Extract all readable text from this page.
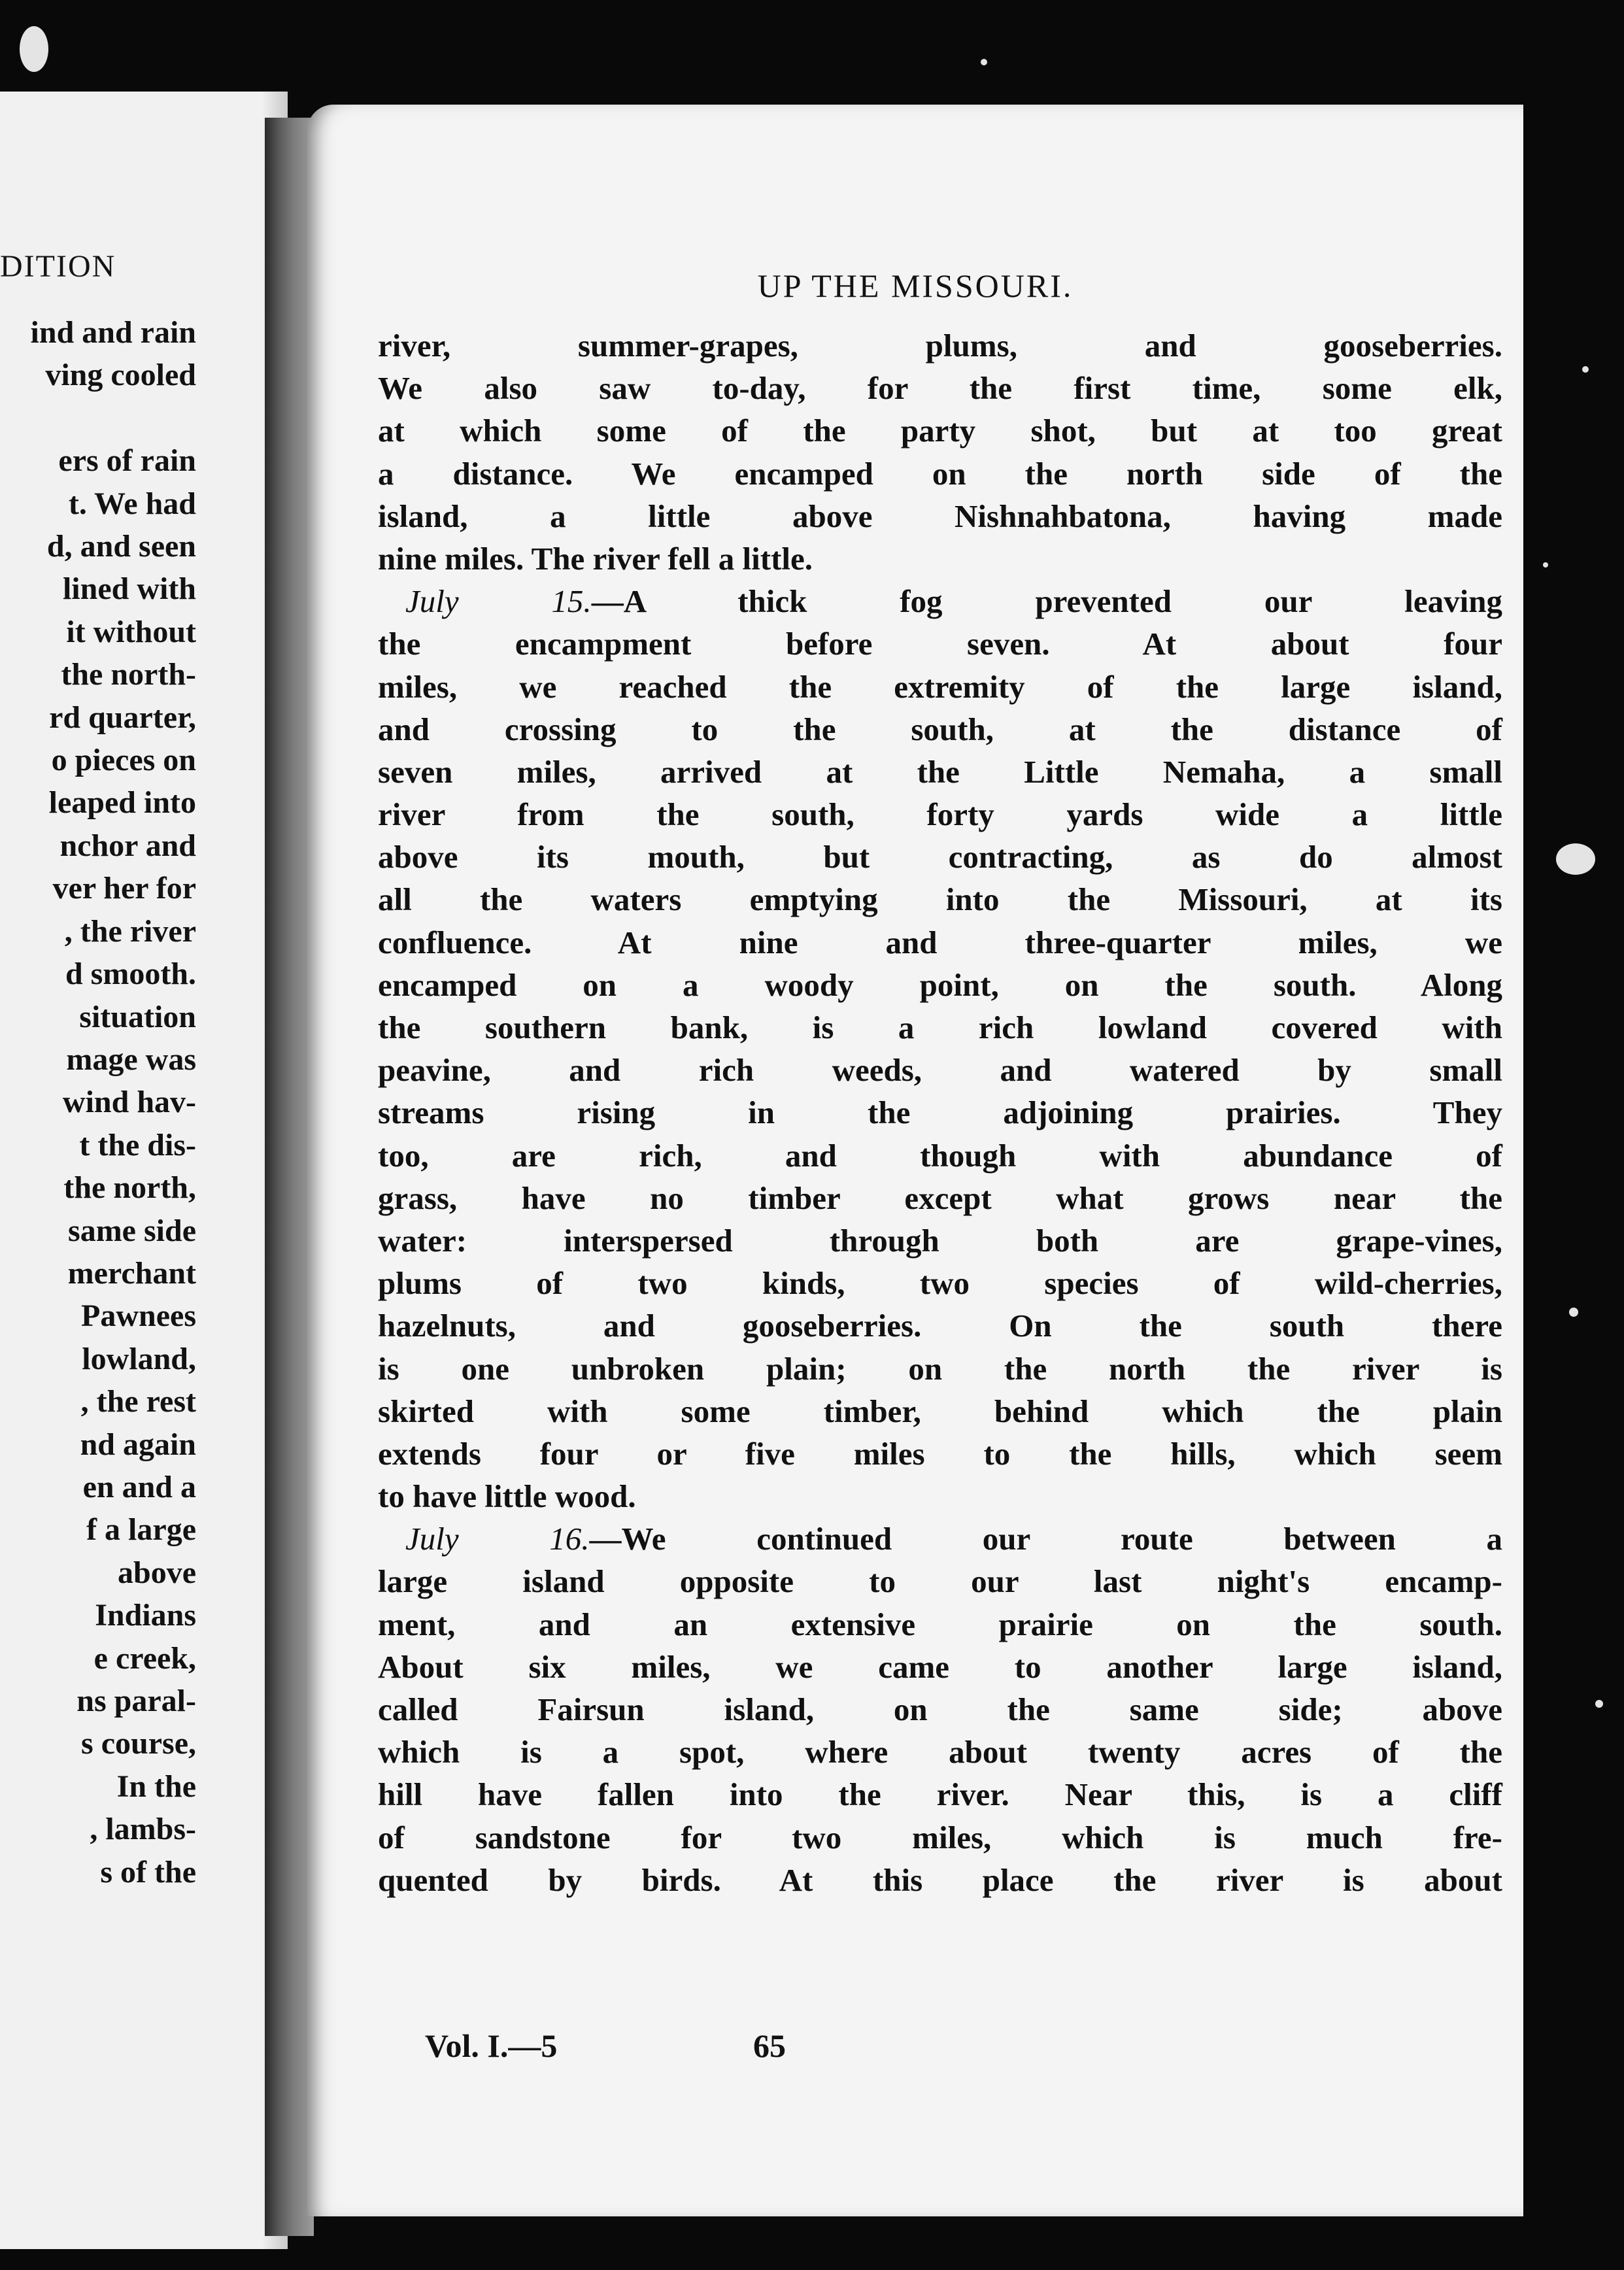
DITION
ind and rain
ving cooled

ers of rain
t. We had
d, and seen
lined with
it without
the north-
rd quarter,
o pieces on
leaped into
nchor and
ver her for
, the river
d smooth.
situation
mage was
wind hav-
t the dis-
the north,
same side
merchant
Pawnees
lowland,
, the rest
nd again
en and a
f a large
above
Indians
e creek,
ns paral-
s course,
In the
, lambs-
s of the
UP THE MISSOURI.
river, summer-grapes, plums, and gooseberries.
We also saw to-day, for the first time, some elk,
at which some of the party shot, but at too great
a distance. We encamped on the north side of the
island, a little above Nishnahbatona, having made
nine miles. The river fell a little.
July 15.—A thick fog prevented our leaving
the encampment before seven. At about four
miles, we reached the extremity of the large island,
and crossing to the south, at the distance of
seven miles, arrived at the Little Nemaha, a small
river from the south, forty yards wide a little
above its mouth, but contracting, as do almost
all the waters emptying into the Missouri, at its
confluence. At nine and three-quarter miles, we
encamped on a woody point, on the south. Along
the southern bank, is a rich lowland covered with
peavine, and rich weeds, and watered by small
streams rising in the adjoining prairies. They
too, are rich, and though with abundance of
grass, have no timber except what grows near the
water: interspersed through both are grape-vines,
plums of two kinds, two species of wild-cherries,
hazelnuts, and gooseberries. On the south there
is one unbroken plain; on the north the river is
skirted with some timber, behind which the plain
extends four or five miles to the hills, which seem
to have little wood.
July 16.—We continued our route between a
large island opposite to our last night's encamp-
ment, and an extensive prairie on the south.
About six miles, we came to another large island,
called Fairsun island, on the same side; above
which is a spot, where about twenty acres of the
hill have fallen into the river. Near this, is a cliff
of sandstone for two miles, which is much fre-
quented by birds. At this place the river is about
Vol. I.—5	65
